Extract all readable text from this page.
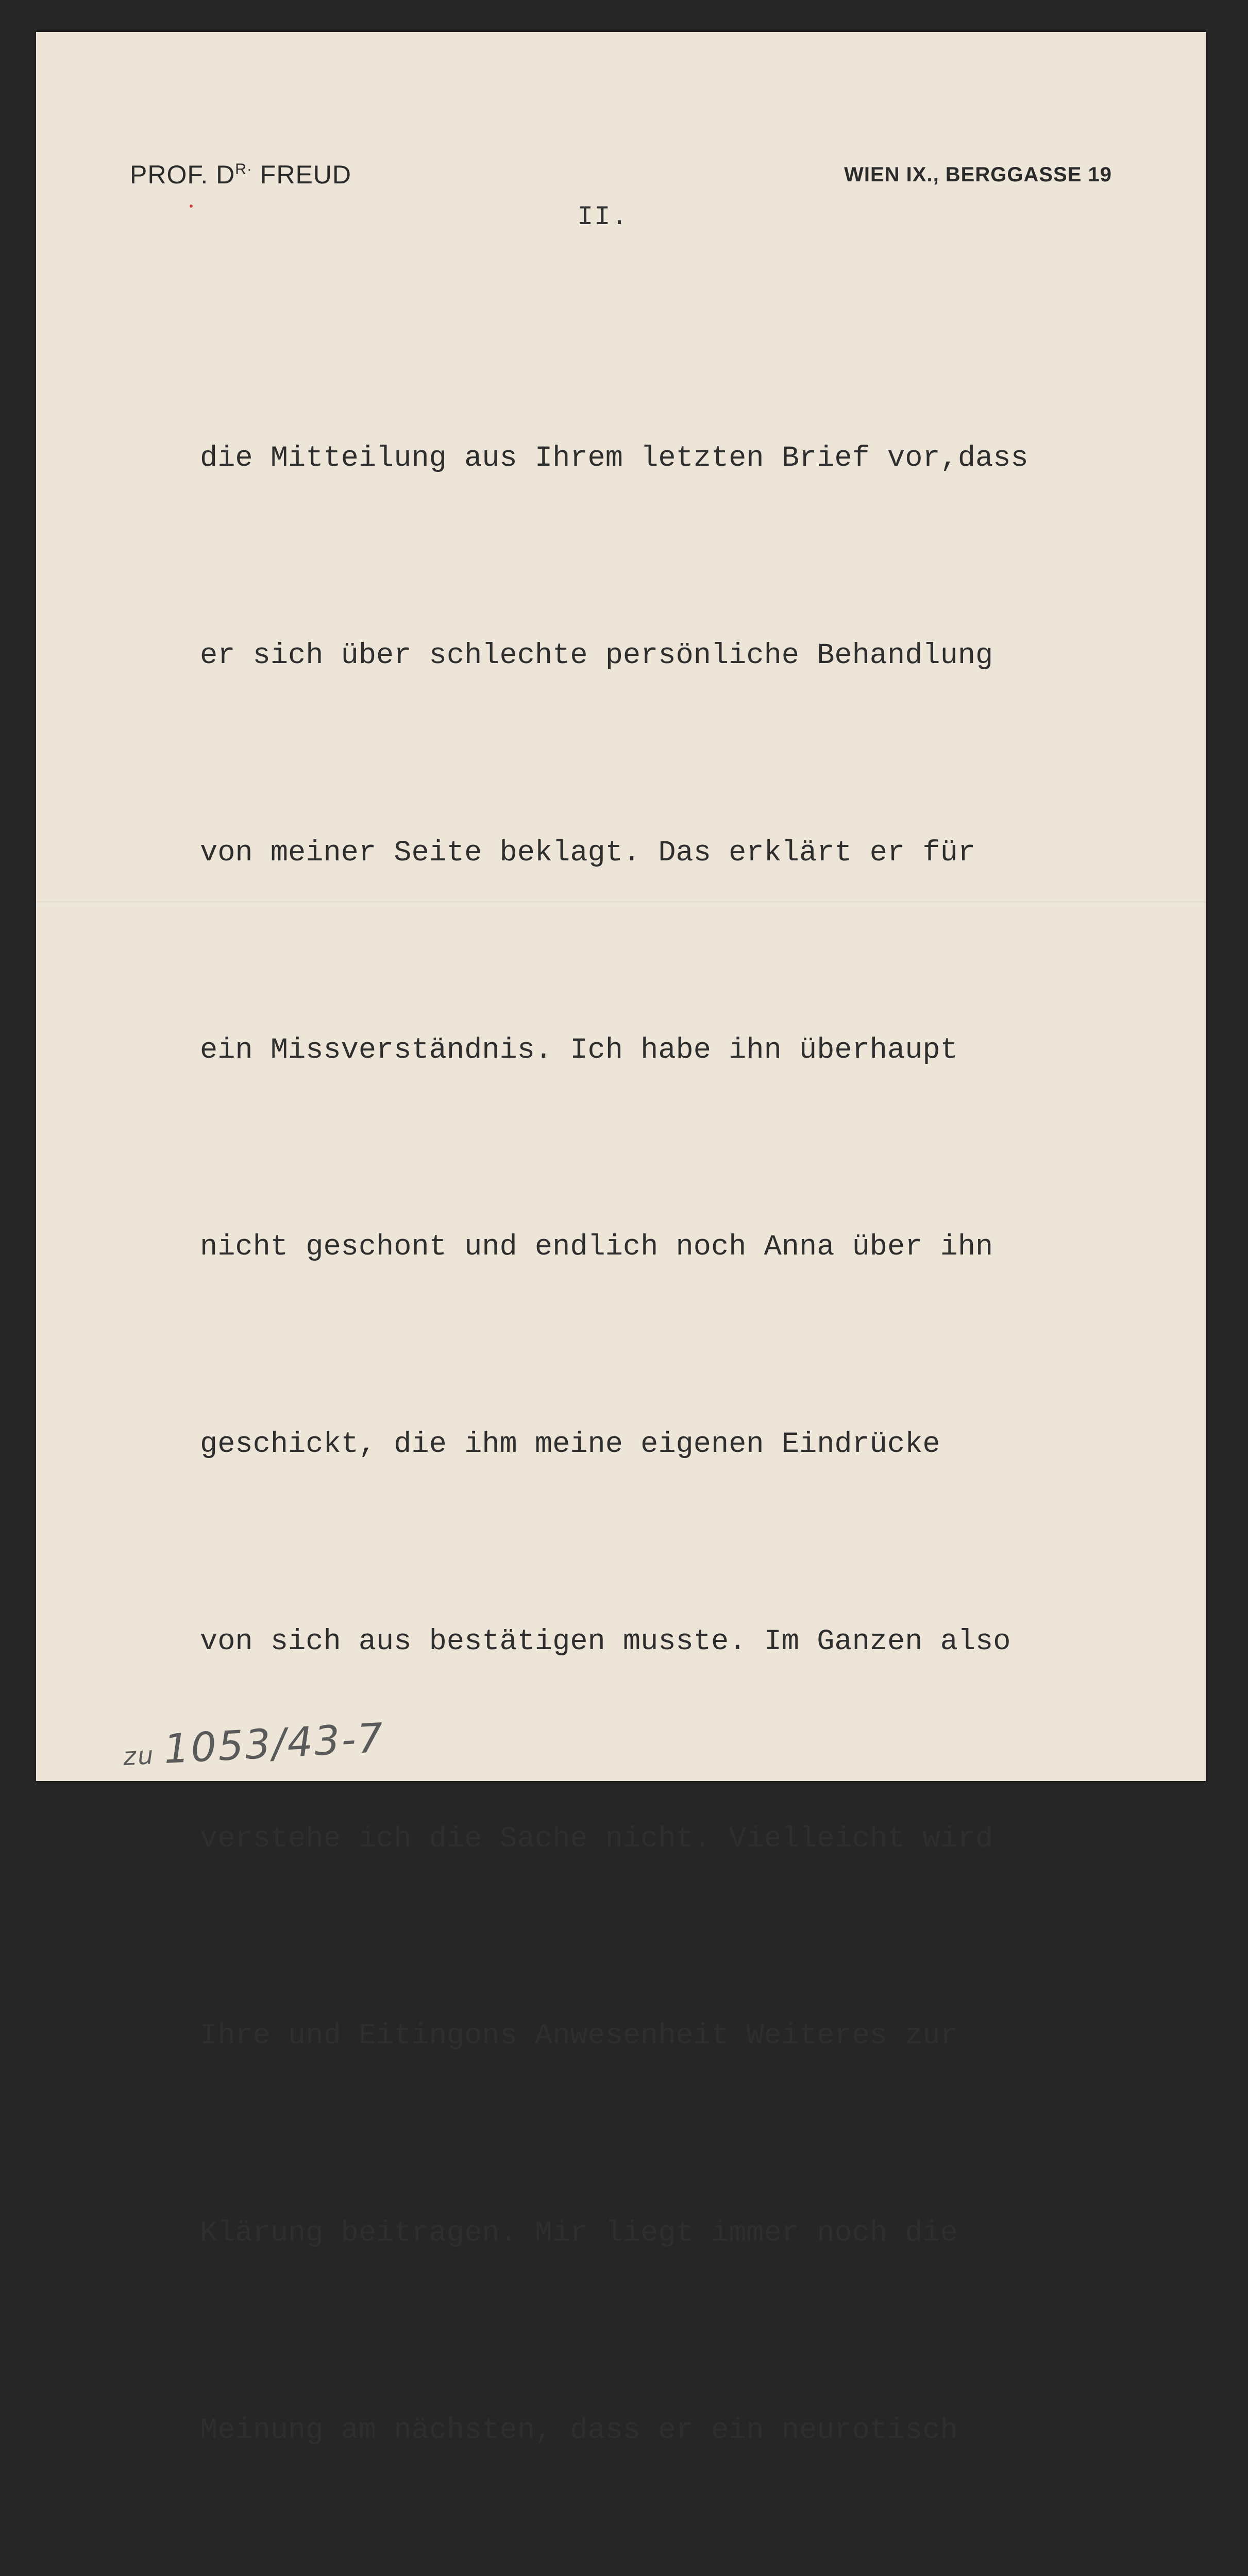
PROF. $D^{R\cdot}$ FREUD	WIEN IX., BERGGASSE 19
II.

die Mitteilung aus Ihrem letzten Brief vor,dass

er sich über schlechte persönliche Behandlung

von meiner Seite beklagt. Das erklärt er für

ein Missverständnis. Ich habe ihn überhaupt

nicht geschont und endlich noch Anna über ihn

geschickt, die ihm meine eigenen Eindrücke

von sich aus bestätigen musste. Im Ganzen also

verstehe ich die Sache nicht. Vielleicht wird

Ihre und Eitingons Anwesenheit Weiteres zur

Klärung beitragen. Mir liegt immer noch die

Meinung am nächsten, dass er ein neurotisch

zu 1053/43-7
